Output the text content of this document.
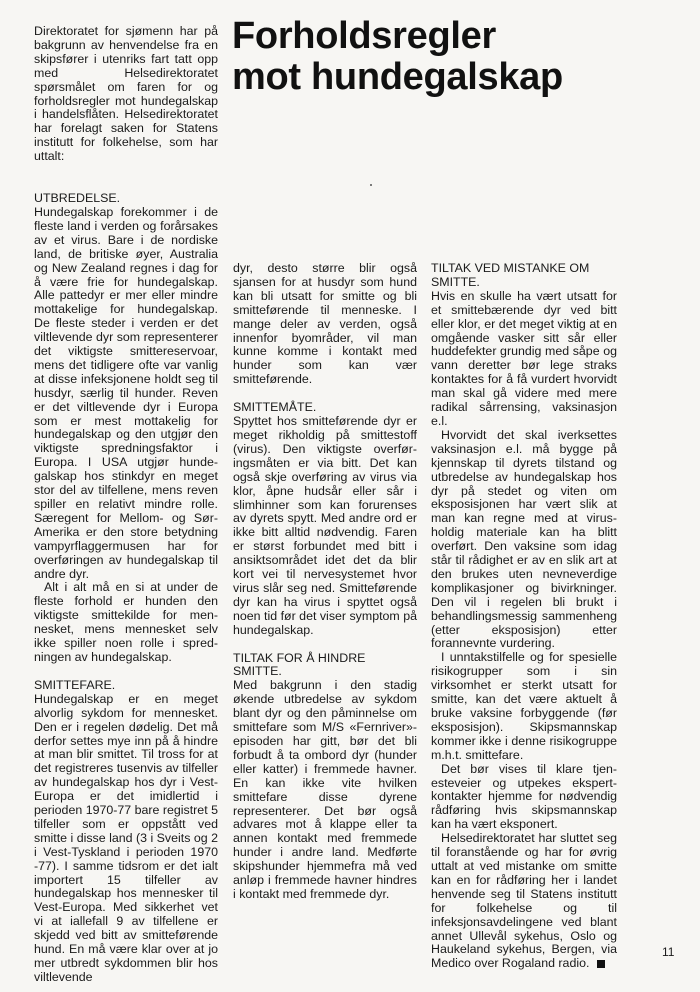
Forholdsregler
mot hundegalskap

Direktoratet for sjømenn har på bakgrunn av henvendelse fra en skipsfører i utenriks fart tatt opp med Helsedirektoratet spørsmålet om faren for og forholdsregler mot hundegalskap i handelsflåten. Helsedirektoratet har forelagt saken for Statens institutt for folkehelse, som har uttalt:

UTBREDELSE.

Hundegalskap forekommer i de fleste land i verden og forårsakes av et virus. Bare i de nordiske land, de britiske øyer, Australia og New Zealand regnes i dag for å være frie for hundegalskap. Alle pattedyr er mer eller mindre mottakelige for hundegalskap. De fleste steder i verden er det viltlevende dyr som representerer det viktigste smittereservoar, mens det tidligere ofte var vanlig at disse infeksjonene holdt seg til husdyr, særlig til hunder. Reven er det viltlevende dyr i Europa som er mest mottakelig for hundegalskap og den utgjør den viktigste spredningsfaktor i Europa. I USA utgjør hundegalskap hos stinkdyr en meget stor del av tilfellene, mens reven spiller en relativt mindre rolle. Særegent for Mellom- og Sør-Amerika er den store betydning vampyrflaggermusen har for overføringen av hundegalskap til andre dyr.

Alt i alt må en si at under de fleste forhold er hunden den viktigste smittekilde for mennesket, mens mennesket selv ikke spiller noen rolle i spredningen av hundegalskap.

SMITTEFARE.

Hundegalskap er en meget alvorlig sykdom for mennesket. Den er i regelen dødelig. Det må derfor settes mye inn på å hindre at man blir smittet. Til tross for at det registreres tusenvis av tilfeller av hundegalskap hos dyr i Vest-Europa er det imidlertid i perioden 1970-77 bare registret 5 tilfeller som er oppstått ved smitte i disse land (3 i Sveits og 2 i Vest-Tyskland i perioden 1970 -77). I samme tidsrom er det ialt importert 15 tilfeller av hundegalskap hos mennesker til Vest-Europa. Med sikkerhet vet vi at iallefall 9 av tilfellene er skjedd ved bitt av smitteførende hund. En må være klar over at jo mer utbredt sykdommen blir hos viltlevende

dyr, desto større blir også sjansen for at husdyr som hund kan bli utsatt for smitte og bli smitteførende til menneske. I mange deler av verden, også innenfor byområder, vil man kunne komme i kontakt med hunder som kan vær smitteførende.

SMITTEMÅTE.

Spyttet hos smitteførende dyr er meget rikholdig på smittestoff (virus). Den viktigste overføringsmåten er via bitt. Det kan også skje overføring av virus via klor, åpne hudsår eller sår i slimhinner som kan forurenses av dyrets spytt. Med andre ord er ikke bitt alltid nødvendig. Faren er størst forbundet med bitt i ansiktsområdet idet det da blir kort vei til nervesystemet hvor virus slår seg ned. Smitteførende dyr kan ha virus i spyttet også noen tid før det viser symptom på hundegalskap.

TILTAK FOR Å HINDRE SMITTE.

Med bakgrunn i den stadig økende utbredelse av sykdom blant dyr og den påminnelse om smittefare som M/S «Fernriver»-episoden har gitt, bør det bli forbudt å ta ombord dyr (hunder eller katter) i fremmede havner. En kan ikke vite hvilken smittefare disse dyrene representerer. Det bør også advares mot å klappe eller ta annen kontakt med fremmede hunder i andre land. Medførte skipshunder hjemmefra må ved anløp i fremmede havner hindres i kontakt med fremmede dyr.

TILTAK VED MISTANKE OM SMITTE.

Hvis en skulle ha vært utsatt for et smittebærende dyr ved bitt eller klor, er det meget viktig at en omgående vasker sitt sår eller huddefekter grundig med såpe og vann deretter bør lege straks kontaktes for å få vurdert hvorvidt man skal gå videre med mere radikal sårrensing, vaksinasjon e.l.

Hvorvidt det skal iverksettes vaksinasjon e.l. må bygge på kjennskap til dyrets tilstand og utbredelse av hundegalskap hos dyr på stedet og viten om eksposisjonen har vært slik at man kan regne med at virusholdig materiale kan ha blitt overført. Den vaksine som idag står til rådighet er av en slik art at den brukes uten nevneverdige komplikasjoner og bivirkninger. Den vil i regelen bli brukt i behandlingsmessig sammenheng (etter eksposisjon) etter forannevnte vurdering.

I unntakstilfelle og for spesielle risikogrupper som i sin virksomhet er sterkt utsatt for smitte, kan det være aktuelt å bruke vaksine forbyggende (før eksposisjon). Skipsmannskap kommer ikke i denne risikogruppe m.h.t. smittefare.

Det bør vises til klare tjenesteveier og utpekes ekspertkontakter hjemme for nødvendig rådføring hvis skipsmannskap kan ha vært eksponert.

Helsedirektoratet har sluttet seg til foranstående og har for øvrig uttalt at ved mistanke om smitte kan en for rådføring her i landet henvende seg til Statens institutt for folkehelse og til infeksjonsavdelingene ved blant annet Ullevål sykehus, Oslo og Haukeland sykehus, Bergen, via Medico over Rogaland radio.

11
